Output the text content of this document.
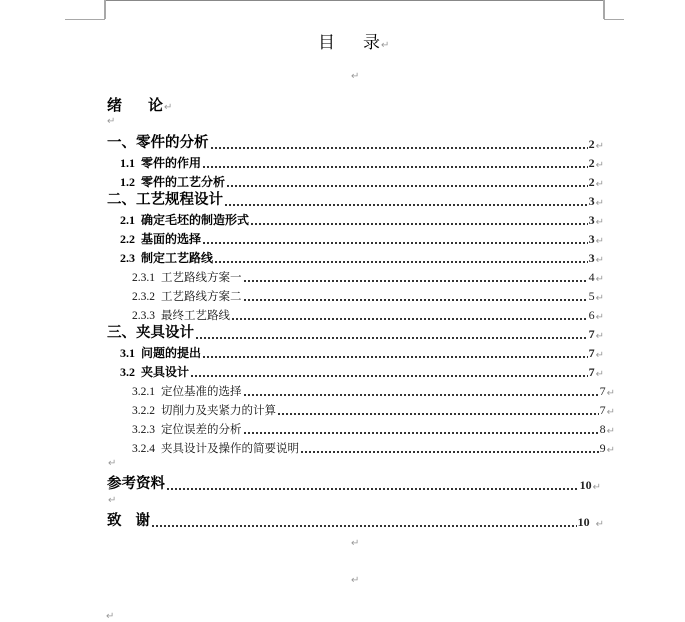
目 录↵
↵
绪 论↵
↵
一、零件的分析	2 ↵
1.1 零件的作用	2 ↵
1.2 零件的工艺分析	2 ↵
二、工艺规程设计	3 ↵
2.1 确定毛坯的制造形式	3 ↵
2.2 基面的选择	3 ↵
2.3 制定工艺路线	3 ↵
2.3.1 工艺路线方案一	4 ↵
2.3.2 工艺路线方案二	5 ↵
2.3.3 最终工艺路线	6 ↵
三、夹具设计	7 ↵
3.1 问题的提出	7 ↵
3.2 夹具设计	7 ↵
3.2.1 定位基准的选择	7 ↵
3.2.2 切削力及夹紧力的计算	7 ↵
3.2.3 定位误差的分析	8 ↵
3.2.4 夹具设计及操作的简要说明	9 ↵
↵
参考资料	10 ↵
↵
致 谢	10 ↵
↵
↵
↵
